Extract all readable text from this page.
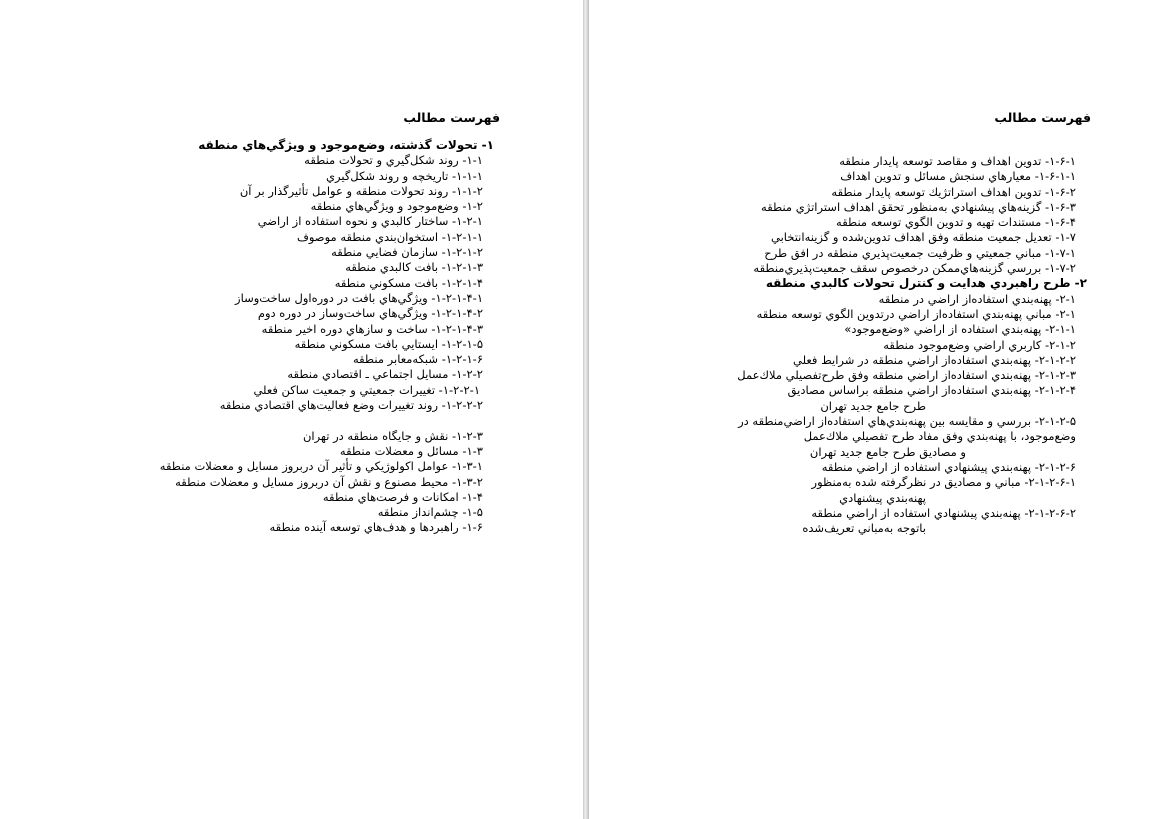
فهرست مطالب
۱- تحولات گذشته، وضع‌موجود و ويژگي‌هاي منطقه
۱-۱- روند شكل‌گيري و تحولات منطقه
۱-۱-۱- تاريخچه و روند شكل‌گيري
۱-۱-۲- روند تحولات منطقه و عوامل تأثيرگذار بر آن
۱-۲- وضع‌موجود و ويژگي‌هاي منطقه
۱-۲-۱- ساختار كالبدي و نحوه استفاده از اراضي
۱-۲-۱-۱- استخوان‌بندي منطقه موصوف
۱-۲-۱-۲- سازمان فضايي منطقه
۱-۲-۱-۳- بافت كالبدي منطقه
۱-۲-۱-۴- بافت مسكوني منطقه
۱-۲-۱-۴-۱- ويژگي‌هاي بافت در دوره‌اول ساخت‌وساز
۱-۲-۱-۴-۲- ويژگي‌هاي ساخت‌وساز در دوره دوم
۱-۲-۱-۴-۳- ساخت و سازهاي دوره اخير منطقه
۱-۲-۱-۵- ايستايي بافت مسكوني منطقه
۱-۲-۱-۶- شبكه‌معابر منطقه
۱-۲-۲- مسايل اجتماعي ـ اقتصادي منطقه
۱-۲-۲-۱- تغييرات جمعيتي و جمعيت ساكن فعلي
۱-۲-۲-۲- روند تغييرات وضع فعاليت‌هاي اقتصادي منطقه
۱-۲-۳- نقش و جايگاه منطقه در تهران
۱-۳- مسائل و معضلات منطقه
۱-۳-۱- عوامل اكولوژيكي و تأثير آن دربروز مسايل و معضلات منطقه
۱-۳-۲- محيط مصنوع و نقش آن دربروز مسايل و معضلات منطقه
۱-۴- امكانات و فرصت‌هاي منطقه
۱-۵- چشم‌انداز منطقه
۱-۶- راهبردها و هدف‌هاي توسعه آينده منطقه
فهرست مطالب
۱-۶-۱- تدوين اهداف و مقاصد توسعه پايدار منطقه
۱-۶-۱-۱- معيارهاي سنجش مسائل و تدوين اهداف
۱-۶-۲- تدوين اهداف استراتژيك توسعه پايدار منطقه
۱-۶-۳- گزينه‌هاي پيشنهادي به‌منظور تحقق اهداف استراتژي منطقه
۱-۶-۴- مستندات تهيه و تدوين الگوي توسعه منطقه
۱-۷- تعديل جمعيت منطقه وفق اهداف تدوين‌شده و گزينه‌انتخابي
۱-۷-۱- مباني جمعيتي و ظرفيت جمعيت‌پذيري منطقه در افق طرح
۱-۷-۲- بررسي گزينه‌هاي‌ممكن درخصوص سقف جمعيت‌پذيري‌منطقه
۲- طرح راهبردي هدايت و كنترل تحولات كالبدي منطقه
۲-۱- پهنه‌بندي استفاده‌از اراضي در منطقه
۲-۱- مباني پهنه‌بندي استفاده‌از اراضي درتدوين الگوي توسعه منطقه
۲-۱-۱- پهنه‌بندي استفاده از اراضي «وضع‌موجود»
۲-۱-۲- كاربري اراضي وضع‌موجود منطقه
۲-۱-۲-۲- پهنه‌بندي استفاده‌از اراضي منطقه در شرايط فعلي
۲-۱-۲-۳- پهنه‌بندي استفاده‌از اراضي منطقه وفق طرح‌تفصيلي ملاك‌عمل
۲-۱-۲-۴- پهنه‌بندي استفاده‌از اراضي منطقه براساس مصاديق
طرح جامع جديد تهران
۲-۱-۲-۵- بررسي و مقايسه بين پهنه‌بندي‌هاي استفاده‌از اراضي‌منطقه در
وضع‌موجود، با پهنه‌بندي وفق مفاد طرح تفصيلي ملاك‌عمل
و مصاديق طرح جامع جديد تهران
۲-۱-۲-۶- پهنه‌بندي پيشنهادي استفاده از اراضي منطقه
۲-۱-۲-۶-۱- مباني و مصاديق در نظرگرفته شده به‌منظور
پهنه‌بندي پيشنهادي
۲-۱-۲-۶-۲- پهنه‌بندي پيشنهادي استفاده از اراضي منطقه
باتوجه به‌مباني تعريف‌شده
